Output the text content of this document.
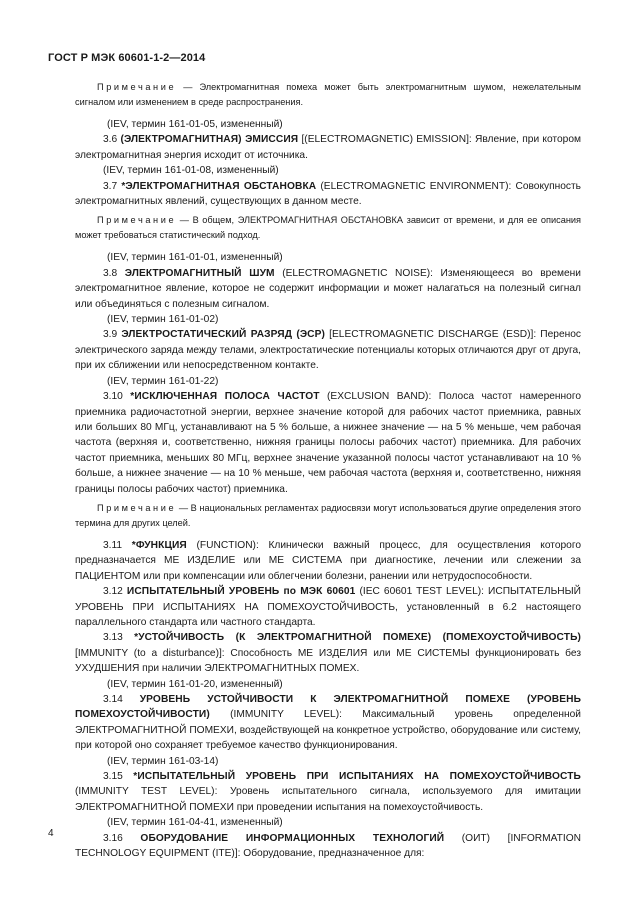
ГОСТ Р МЭК 60601-1-2—2014

Примечание — Электромагнитная помеха может быть электромагнитным шумом, нежелательным сигналом или изменением в среде распространения.

(IEV, термин 161-01-05, измененный)

3.6 (ЭЛЕКТРОМАГНИТНАЯ) ЭМИССИЯ [(ELECTROMAGNETIC) EMISSION]: Явление, при котором электромагнитная энергия исходит от источника.

(IEV, термин 161-01-08, измененный)

3.7 *ЭЛЕКТРОМАГНИТНАЯ ОБСТАНОВКА (ELECTROMAGNETIC ENVIRONMENT): Совокупность электромагнитных явлений, существующих в данном месте.

Примечание — В общем, ЭЛЕКТРОМАГНИТНАЯ ОБСТАНОВКА зависит от времени, и для ее описания может требоваться статистический подход.

(IEV, термин 161-01-01, измененный)

3.8 ЭЛЕКТРОМАГНИТНЫЙ ШУМ (ELECTROMAGNETIC NOISE): Изменяющееся во времени электромагнитное явление, которое не содержит информации и может налагаться на полезный сигнал или объединяться с полезным сигналом.

(IEV, термин 161-01-02)

3.9 ЭЛЕКТРОСТАТИЧЕСКИЙ РАЗРЯД (ЭСР) [ELECTROMAGNETIC DISCHARGE (ESD)]: Перенос электрического заряда между телами, электростатические потенциалы которых отличаются друг от друга, при их сближении или непосредственном контакте.

(IEV, термин 161-01-22)

3.10 *ИСКЛЮЧЕННАЯ ПОЛОСА ЧАСТОТ (EXCLUSION BAND): Полоса частот намеренного приемника радиочастотной энергии, верхнее значение которой для рабочих частот приемника, равных или больших 80 МГц, устанавливают на 5 % больше, а нижнее значение — на 5 % меньше, чем рабочая частота (верхняя и, соответственно, нижняя границы полосы рабочих частот) приемника. Для рабочих частот приемника, меньших 80 МГц, верхнее значение указанной полосы частот устанавливают на 10 % больше, а нижнее значение — на 10 % меньше, чем рабочая частота (верхняя и, соответственно, нижняя границы полосы рабочих частот) приемника.

Примечание — В национальных регламентах радиосвязи могут использоваться другие определения этого термина для других целей.

3.11 *ФУНКЦИЯ (FUNCTION): Клинически важный процесс, для осуществления которого предназначается МЕ ИЗДЕЛИЕ или МЕ СИСТЕМА при диагностике, лечении или слежении за ПАЦИЕНТОМ или при компенсации или облегчении болезни, ранении или нетрудоспособности.

3.12 ИСПЫТАТЕЛЬНЫЙ УРОВЕНЬ по МЭК 60601 (IEC 60601 TEST LEVEL): ИСПЫТАТЕЛЬНЫЙ УРОВЕНЬ ПРИ ИСПЫТАНИЯХ НА ПОМЕХОУСТОЙЧИВОСТЬ, установленный в 6.2 настоящего параллельного стандарта или частного стандарта.

3.13 *УСТОЙЧИВОСТЬ (К ЭЛЕКТРОМАГНИТНОЙ ПОМЕХЕ) (ПОМЕХОУСТОЙЧИВОСТЬ) [IMMUNITY (to a disturbance)]: Способность МЕ ИЗДЕЛИЯ или МЕ СИСТЕМЫ функционировать без УХУДШЕНИЯ при наличии ЭЛЕКТРОМАГНИТНЫХ ПОМЕХ.

(IEV, термин 161-01-20, измененный)

3.14 УРОВЕНЬ УСТОЙЧИВОСТИ К ЭЛЕКТРОМАГНИТНОЙ ПОМЕХЕ (УРОВЕНЬ ПОМЕХОУСТОЙЧИВОСТИ) (IMMUNITY LEVEL): Максимальный уровень определенной ЭЛЕКТРОМАГНИТНОЙ ПОМЕХИ, воздействующей на конкретное устройство, оборудование или систему, при которой оно сохраняет требуемое качество функционирования.

(IEV, термин 161-03-14)

3.15 *ИСПЫТАТЕЛЬНЫЙ УРОВЕНЬ ПРИ ИСПЫТАНИЯХ НА ПОМЕХОУСТОЙЧИВОСТЬ (IMMUNITY TEST LEVEL): Уровень испытательного сигнала, используемого для имитации ЭЛЕКТРОМАГНИТНОЙ ПОМЕХИ при проведении испытания на помехоустойчивость.

(IEV, термин 161-04-41, измененный)

3.16 ОБОРУДОВАНИЕ ИНФОРМАЦИОННЫХ ТЕХНОЛОГИЙ (ОИТ) [INFORMATION TECHNOLOGY EQUIPMENT (ITE)]: Оборудование, предназначенное для:

4
